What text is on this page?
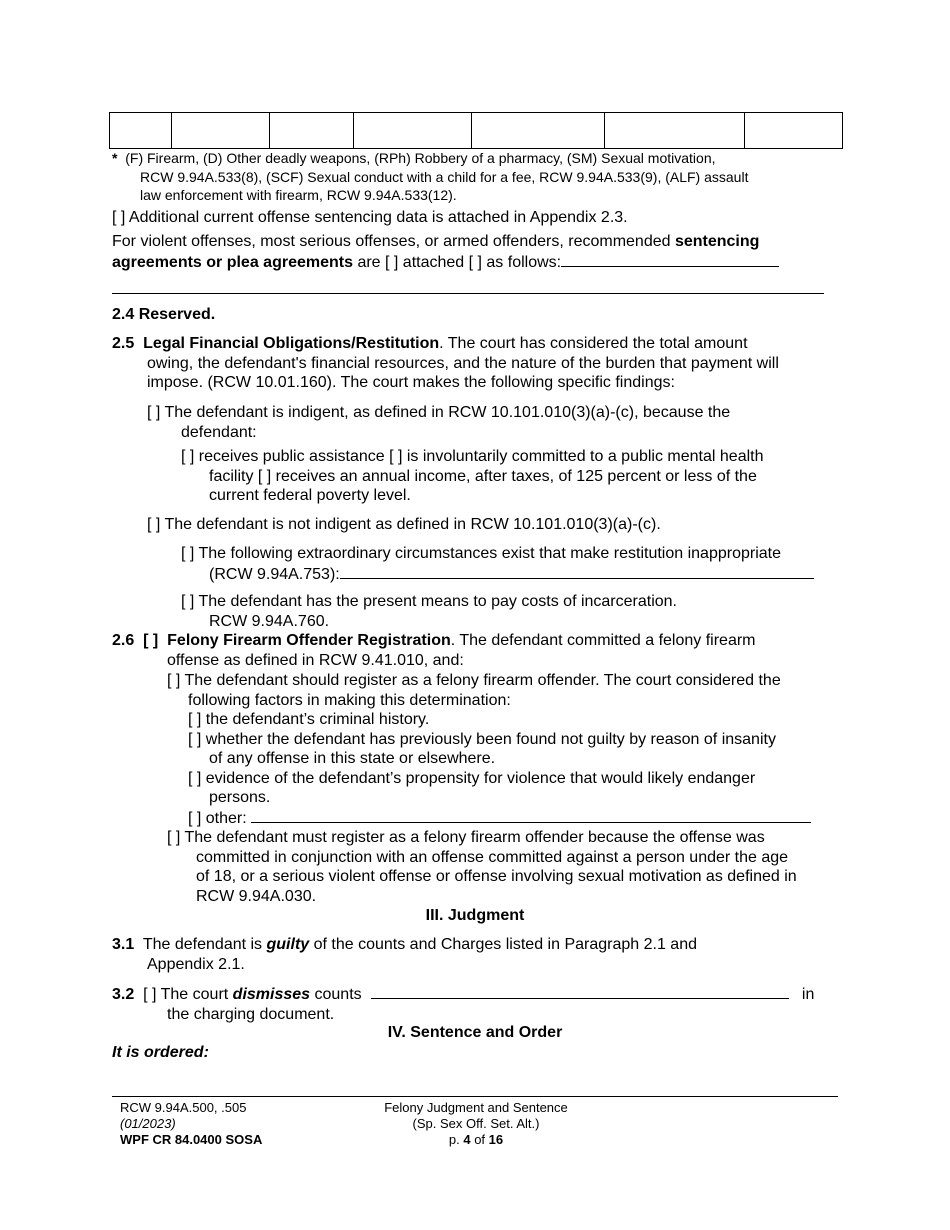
* (F) Firearm, (D) Other deadly weapons, (RPh) Robbery of a pharmacy, (SM) Sexual motivation,
RCW 9.94A.533(8), (SCF) Sexual conduct with a child for a fee, RCW 9.94A.533(9), (ALF) assault
law enforcement with firearm, RCW 9.94A.533(12).
[ ] Additional current offense sentencing data is attached in Appendix 2.3.
For violent offenses, most serious offenses, or armed offenders, recommended sentencing
agreements or plea agreements are [ ] attached [ ] as follows:
2.4 Reserved.
2.5 Legal Financial Obligations/Restitution. The court has considered the total amount
owing, the defendant's financial resources, and the nature of the burden that payment will
impose. (RCW 10.01.160). The court makes the following specific findings:
[ ] The defendant is indigent, as defined in RCW 10.101.010(3)(a)-(c), because the
defendant:
[ ] receives public assistance [ ] is involuntarily committed to a public mental health
facility [ ] receives an annual income, after taxes, of 125 percent or less of the
current federal poverty level.
[ ] The defendant is not indigent as defined in RCW 10.101.010(3)(a)-(c).
[ ] The following extraordinary circumstances exist that make restitution inappropriate
(RCW 9.94A.753):
[ ] The defendant has the present means to pay costs of incarceration.
RCW 9.94A.760.
2.6 [ ] Felony Firearm Offender Registration. The defendant committed a felony firearm
offense as defined in RCW 9.41.010, and:
[ ] The defendant should register as a felony firearm offender. The court considered the
following factors in making this determination:
[ ] the defendant’s criminal history.
[ ] whether the defendant has previously been found not guilty by reason of insanity
of any offense in this state or elsewhere.
[ ] evidence of the defendant’s propensity for violence that would likely endanger
persons.
[ ] other:
[ ] The defendant must register as a felony firearm offender because the offense was
committed in conjunction with an offense committed against a person under the age
of 18, or a serious violent offense or offense involving sexual motivation as defined in
RCW 9.94A.030.
III. Judgment
3.1 The defendant is guilty of the counts and Charges listed in Paragraph 2.1 and
Appendix 2.1.
3.2 [ ] The court dismisses counts	in
the charging document.
IV. Sentence and Order
It is ordered:
RCW 9.94A.500, .505
(01/2023)
WPF CR 84.0400 SOSA
Felony Judgment and Sentence
(Sp. Sex Off. Set. Alt.)
p. 4 of 16
